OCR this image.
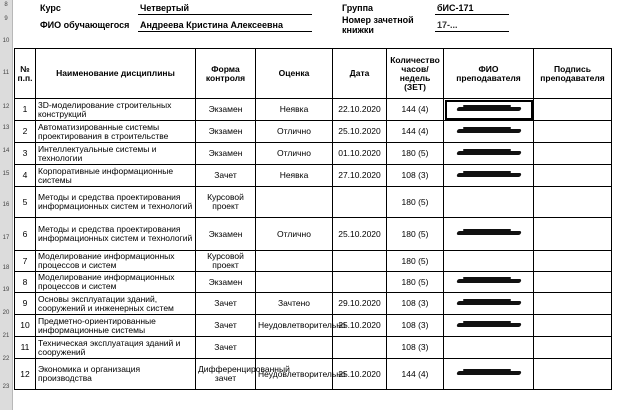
8
9
10
11
12
13
14
15
16
17
18
19
20
21
22
23
Курс	Четвертый	Группа	бИС-171
ФИО обучающегося Андреева Кристина Алексеевна	Номер зачетной книжки	17-...
№ п.п.	Наименование дисциплины	Форма контроля	Оценка	Дата	Количество часов/недель (ЗЕТ)	ФИО преподавателя	Подпись преподавателя
1	3D-моделирование строительных конструкций	Экзамен	Неявка	22.10.2020	144 (4)	

2	Автоматизированные системы проектирования в строительстве	Экзамен	Отлично	25.10.2020	144 (4)	

3	Интеллектуальные системы и технологии	Экзамен	Отлично	01.10.2020	180 (5)	

4	Корпоративные информационные системы	Зачет	Неявка	27.10.2020	108 (3)	

5	Методы и средства проектирования информационных систем и технологий	Курсовой проект			180 (5)		
6	Методы и средства проектирования информационных систем и технологий	Экзамен	Отлично	25.10.2020	180 (5)	

7	Моделирование информационных процессов и систем	Курсовой проект			180 (5)		
8	Моделирование информационных процессов и систем	Экзамен			180 (5)	

9	Основы эксплуатации зданий, сооружений и инженерных систем	Зачет	Зачтено	29.10.2020	108 (3)	

10	Предметно-ориентированные информационные системы	Зачет	Неудовлетворительно	25.10.2020	108 (3)	

11	Техническая эксплуатация зданий и сооружений	Зачет			108 (3)		
12	Экономика и организация производства	Дифференцированный зачет	Неудовлетворительно	25.10.2020	144 (4)	
